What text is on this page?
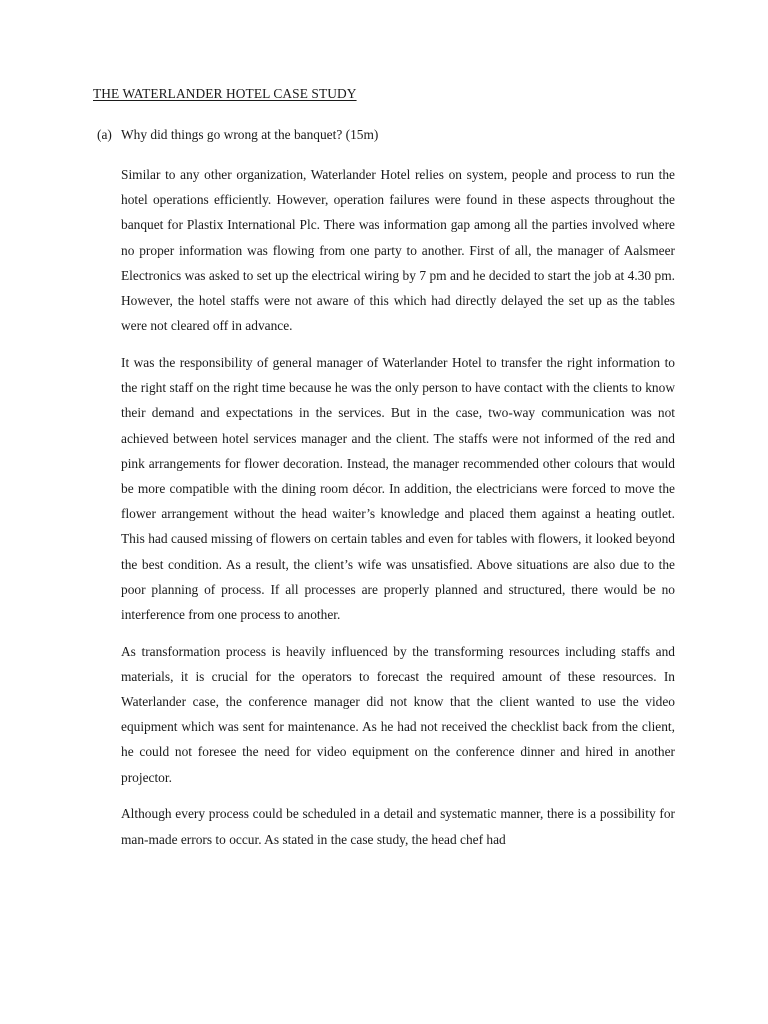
THE WATERLANDER HOTEL CASE STUDY
(a) Why did things go wrong at the banquet? (15m)

Similar to any other organization, Waterlander Hotel relies on system, people and process to run the hotel operations efficiently. However, operation failures were found in these aspects throughout the banquet for Plastix International Plc. There was information gap among all the parties involved where no proper information was flowing from one party to another. First of all, the manager of Aalsmeer Electronics was asked to set up the electrical wiring by 7 pm and he decided to start the job at 4.30 pm. However, the hotel staffs were not aware of this which had directly delayed the set up as the tables were not cleared off in advance.

It was the responsibility of general manager of Waterlander Hotel to transfer the right information to the right staff on the right time because he was the only person to have contact with the clients to know their demand and expectations in the services. But in the case, two-way communication was not achieved between hotel services manager and the client. The staffs were not informed of the red and pink arrangements for flower decoration. Instead, the manager recommended other colours that would be more compatible with the dining room décor. In addition, the electricians were forced to move the flower arrangement without the head waiter’s knowledge and placed them against a heating outlet. This had caused missing of flowers on certain tables and even for tables with flowers, it looked beyond the best condition. As a result, the client’s wife was unsatisfied. Above situations are also due to the poor planning of process. If all processes are properly planned and structured, there would be no interference from one process to another.

As transformation process is heavily influenced by the transforming resources including staffs and materials, it is crucial for the operators to forecast the required amount of these resources. In Waterlander case, the conference manager did not know that the client wanted to use the video equipment which was sent for maintenance. As he had not received the checklist back from the client, he could not foresee the need for video equipment on the conference dinner and hired in another projector.

Although every process could be scheduled in a detail and systematic manner, there is a possibility for man-made errors to occur. As stated in the case study, the head chef had
